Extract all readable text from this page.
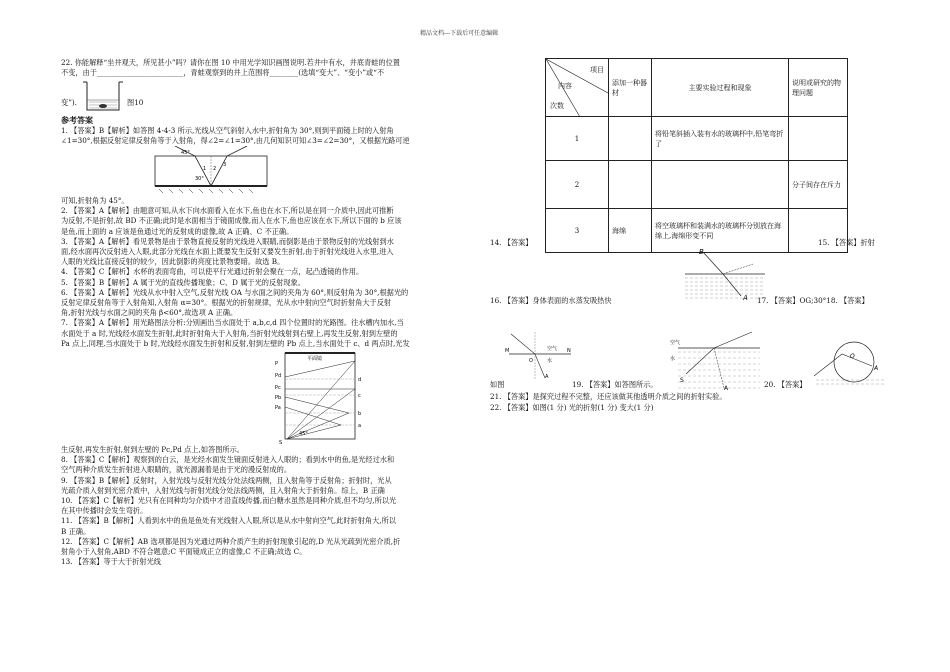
精品文档---下载后可任意编辑

22. 你能解释“坐井观天，所见甚小”吗？请你在图 10 中用光学知识画图说明.若井中有水，井底青蛙的位置

不变，由于________________________，青蛙观察到的井上范围将________(选填“变大”、“变小”或“不

变”).	图10

参考答案

1. 【答案】B【解析】如答图 4-4-3 所示,光线从空气斜射入水中,折射角为 30°,则到平面镜上时的入射角

∠1=30°,根据反射定律反射角等于入射角，得∠2=∠1=30°,由几何知识可知∠3=∠2=30°，又根据光路可逆

45°
1 2
3
30°

可知,折射角为 45°。

2. 【答案】A【解析】由题意可知,从水下向水面看入在水下,鱼也在水下,所以是在同一介质中,因此可推断

为反射,不是折射,故 BD 不正确;此时是水面相当于镜面成像,而人在水下,鱼也应该在水下,所以下面的 b 应该

是鱼,而上面的 a 应该是鱼通过光的反射成的虚像,故 A 正确、C 不正确。

3. 【答案】A【解析】看见景物是由于景物直接反射的光线进入眼睛,而倒影是由于景物反射的光线射到水

面,经水面再次反射进入人眼,此部分光线在水面上既要发生反射又要发生折射,由于折射光线进入水里,进入

人眼的光线比直接反射的较少，因此倒影的亮度比景物要暗。故选 B。

4. 【答案】C【解析】水杯的表面弯曲，可以使平行光通过折射会聚在一点，起凸透镜的作用。

5. 【答案】B【解析】A 属于光的直线传播现象；C、D 属于光的反射现象。

6. 【答案】A【解析】光线从水中射入空气,反射光线 OA 与水面之间的夹角为 60°,则反射角为 30°,根据光的

反射定律反射角等于入射角知,入射角 α=30°。根据光的折射规律，光从水中射向空气时折射角大于反射

角,折射光线与水面之间的夹角 β<60°,故选项 A 正确。

7. 【答案】A【解析】用光路图法分析:分别画出当水面处于 a,b,c,d 四个位置时的光路图。往水槽内加水,当

水面处于 a 时,光线经水面发生折射,此时折射角大于入射角,当折射光线射到右壁上,再发生反射,射到左壁的

Pa 点上,同理,当水面处于 b 时,光线经水面发生折射和反射,射到左壁的 Pb 点上,当水面处于 c、d 两点时,光发

平面镜
P
Pd
Pc
Pb
Pa
d
c
b
a
45°
S

生反射,再发生折射,射到左壁的 Pc,Pd 点上,如答图所示。

8. 【答案】C【解析】观察到的白云，是光经水面发生镜面反射进入人眼的；看到水中的鱼,是光经过水和

空气两种介质发生折射进入眼睛的，就光源漏着是由于光的漫反射成的。

9. 【答案】B【解析】反射时，入射光线与反射光线分处法线两侧，且入射角等于反射角；折射时，光从

光疏介质入射到光密介质中，入射光线与折射光线分处法线两侧，且入射角大于折射角。综上，B 正确

10. 【答案】C【解析】光只有在同种均匀介质中才沿直线传播,而白糖水虽然是同种介质,但不均匀,所以光

在其中传播时会发生弯折。

11. 【答案】B【解析】人看到水中的鱼是鱼处有光线射入人眼,所以是从水中射向空气,此时折射角大,所以

B 正确。

12. 【答案】C【解析】AB 选项都是因为光通过两种介质产生的折射现象引起的,D 光从光疏到光密介质,折

射角小于入射角,ABD 不符合题意;C 平面镜成正立的虚像,C 不正确;故选 C。

13. 【答案】等于大于折射光线

项目
内容
次数	添加一种器材	主要实验过程和现象	说明或研究的物理问题
1		将铅笔斜插入装有水的玻璃杯中,铅笔弯折了	
2			分子间存在斥力
3	海绵	将空玻璃杯和装满水的玻璃杯分别放在海绵上,海绵形变不同	
14. 【答案】	15. 【答案】折射
B
A
16. 【答案】身体表面的水蒸发吸热快	17. 【答案】OG;30°18. 【答案】
空气
水
M	N
O
A
空气
水
S
A
O
A
如图	19. 【答案】如答图所示。	20. 【答案】
21. 【答案】是探究过程不完整，还应该做其他透明介质之间的折射实验。
22. 【答案】如图(1 分) 光的折射(1 分) 变大(1 分)
